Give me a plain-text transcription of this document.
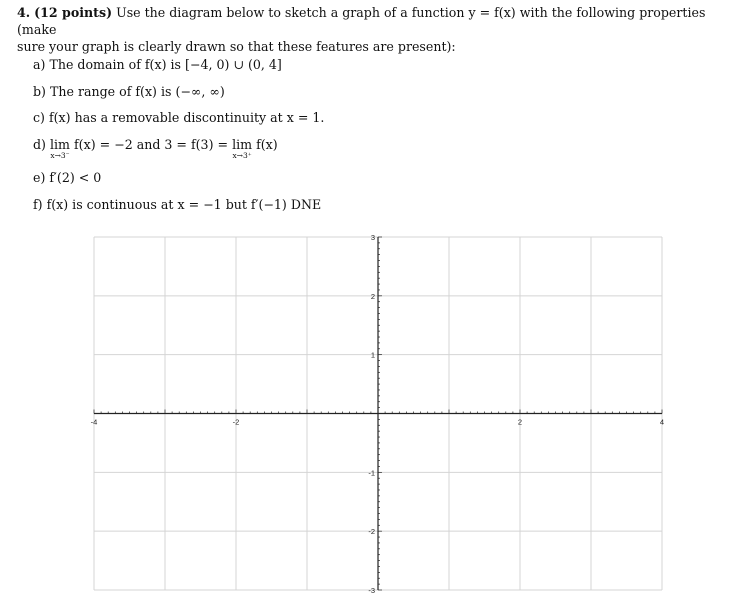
4. (12 points) Use the diagram below to sketch a graph of a function y = f(x) with the following properties (make
sure your graph is clearly drawn so that these features are present):
a) The domain of f(x) is [−4, 0) ∪ (0, 4]
b) The range of f(x) is (−∞, ∞)
c) f(x) has a removable discontinuity at x = 1.
d) lim
x→3⁻
f(x) = −2 and 3 = f(3) = lim
x→3⁺
f(x)
e) f′(2) < 0
f) f(x) is continuous at x = −1 but f′(−1) DNE
-4	-2	2	4
3
2
1
-1
-2
-3
